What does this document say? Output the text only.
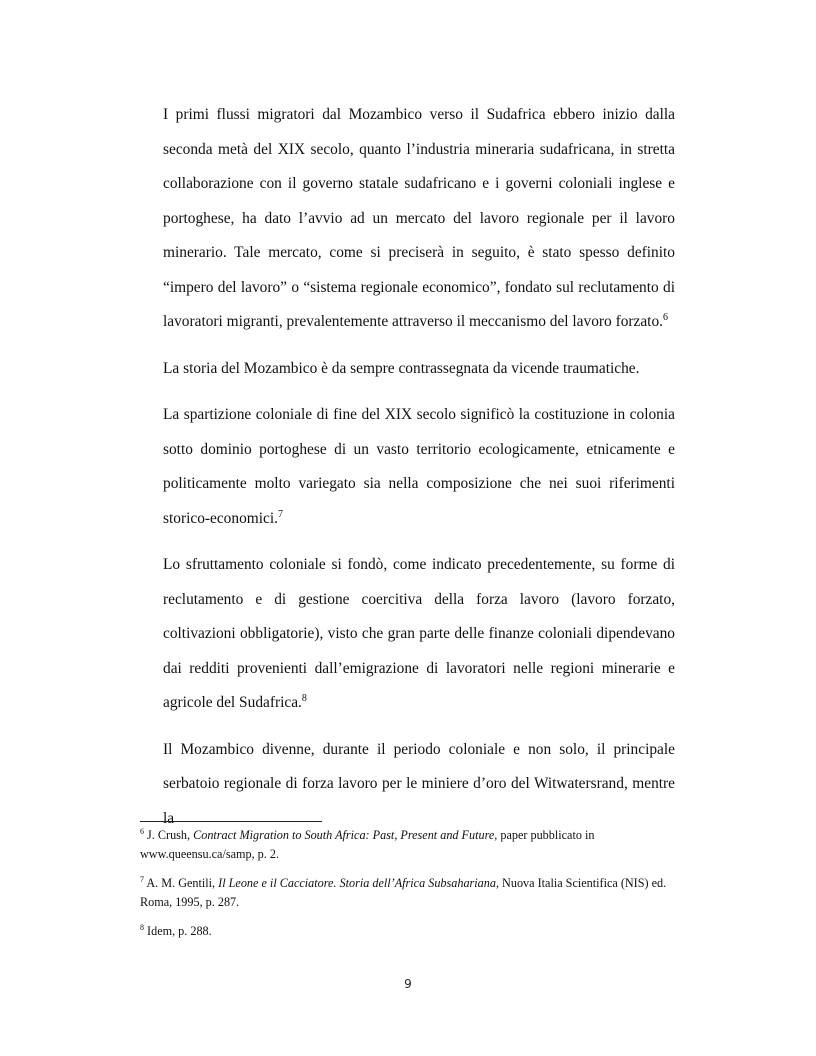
I primi flussi migratori dal Mozambico verso il Sudafrica ebbero inizio dalla seconda metà del XIX secolo, quanto l’industria mineraria sudafricana, in stretta collaborazione con il governo statale sudafricano e i governi coloniali inglese e portoghese, ha dato l’avvio ad un mercato del lavoro regionale per il lavoro minerario. Tale mercato, come si preciserà in seguito, è stato spesso definito “impero del lavoro” o “sistema regionale economico”, fondato sul reclutamento di lavoratori migranti, prevalentemente attraverso il meccanismo del lavoro forzato.$^6$

La storia del Mozambico è da sempre contrassegnata da vicende traumatiche.

La spartizione coloniale di fine del XIX secolo significò la costituzione in colonia sotto dominio portoghese di un vasto territorio ecologicamente, etnicamente e politicamente molto variegato sia nella composizione che nei suoi riferimenti storico-economici.$^7$

Lo sfruttamento coloniale si fondò, come indicato precedentemente, su forme di reclutamento e di gestione coercitiva della forza lavoro (lavoro forzato, coltivazioni obbligatorie), visto che gran parte delle finanze coloniali dipendevano dai redditi provenienti dall’emigrazione di lavoratori nelle regioni minerarie e agricole del Sudafrica.$^8$

Il Mozambico divenne, durante il periodo coloniale e non solo, il principale serbatoio regionale di forza lavoro per le miniere d’oro del Witwatersrand, mentre la

$^6$ J. Crush, Contract Migration to South Africa: Past, Present and Future, paper pubblicato in www.queensu.ca/samp, p. 2.

$^7$ A. M. Gentili, Il Leone e il Cacciatore. Storia dell’Africa Subsahariana, Nuova Italia Scientifica (NIS) ed. Roma, 1995, p. 287.

$^8$ Idem, p. 288.

9
